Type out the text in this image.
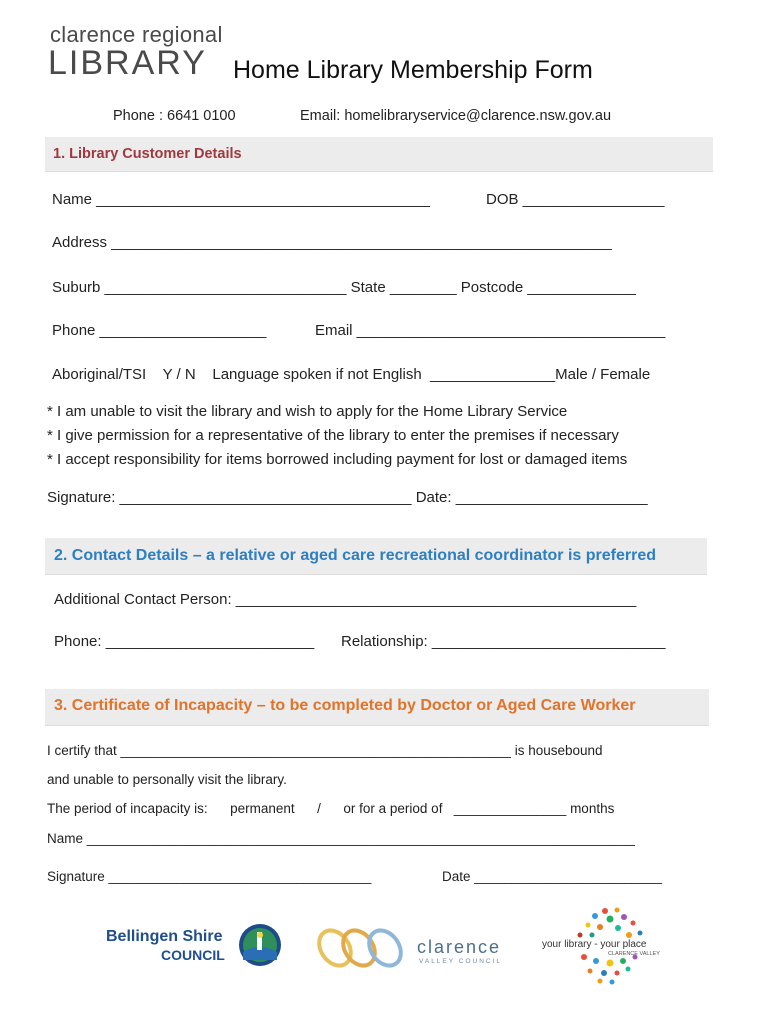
clarence regional
LIBRARY Home Library Membership Form
Phone : 6641 0100	Email: homelibraryservice@clarence.nsw.gov.au
1. Library Customer Details
Name ________________________________________	DOB _________________
Address ____________________________________________________________
Suburb _____________________________ State ________ Postcode _____________
Phone ____________________	Email _____________________________________
Aboriginal/TSI    Y / N    Language spoken if not English  _______________Male / Female
* I am unable to visit the library and wish to apply for the Home Library Service
* I give permission for a representative of the library to enter the premises if necessary
* I accept responsibility for items borrowed including payment for lost or damaged items
Signature: ___________________________________ Date: _______________________
2. Contact Details – a relative or aged care recreational coordinator is preferred
Additional Contact Person: ________________________________________________
Phone: _________________________ Relationship: ____________________________
3. Certificate of Incapacity – to be completed by Doctor or Aged Care Worker
I certify that ____________________________________________________ is housebound
and unable to personally visit the library.
The period of incapacity is:      permanent      /      or for a period of   _______________ months
Name _________________________________________________________________________
Signature ___________________________________	Date _________________________
Bellingen Shire
COUNCIL	clarence
VALLEY COUNCIL
your library - your place
CLARENCE VALLEY
